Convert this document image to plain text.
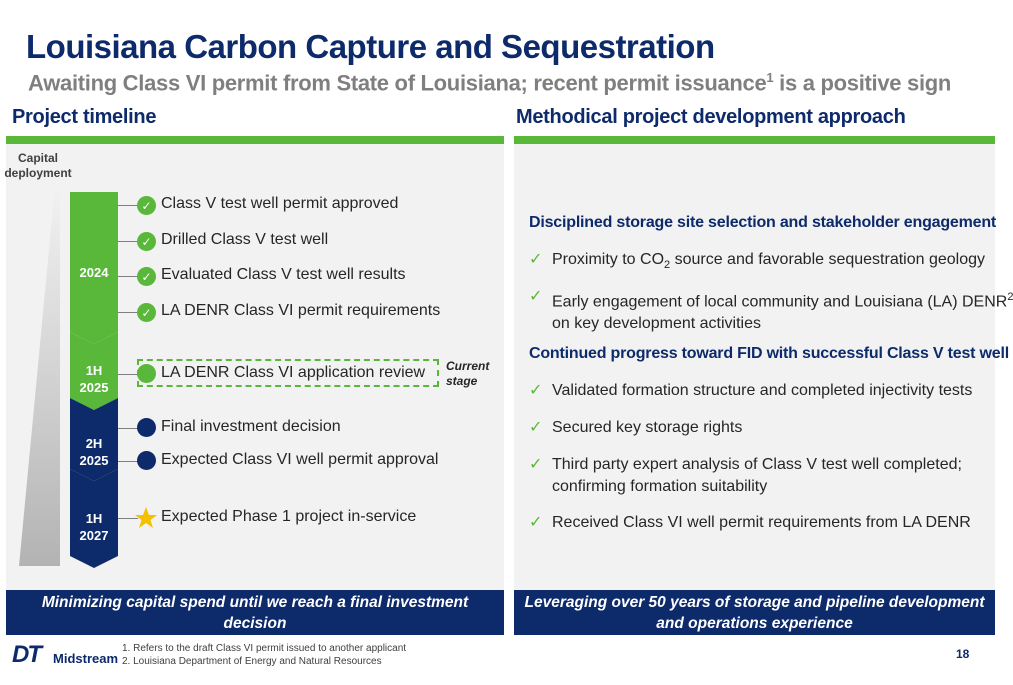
Louisiana Carbon Capture and Sequestration
Awaiting Class VI permit from State of Louisiana; recent permit issuance$^1$ is a positive sign
Project timeline	Methodical project development approach
Capital
deployment
2024
1H
2025
2H
2025
1H
2027
Current
stage
✓ Class V test well permit approved
✓ Drilled Class V test well
✓ Evaluated Class V test well results
✓ LA DENR Class VI permit requirements
LA DENR Class VI application review
Final investment decision
Expected Class VI well permit approval
Expected Phase 1 project in-service
Disciplined storage site selection and stakeholder engagement
✓ Proximity to $CO_2$ source and favorable sequestration geology
✓ Early engagement of local community and Louisiana (LA) DENR$^2$
on key development activities
Continued progress toward FID with successful Class V test well
✓ Validated formation structure and completed injectivity tests
✓ Secured key storage rights
✓ Third party expert analysis of Class V test well completed;
confirming formation suitability
✓ Received Class VI well permit requirements from LA DENR
Minimizing capital spend until we reach a final investment decision
Leveraging over 50 years of storage and pipeline development and operations experience
DT Midstream
1. Refers to the draft Class VI permit issued to another applicant
2. Louisiana Department of Energy and Natural Resources
18
